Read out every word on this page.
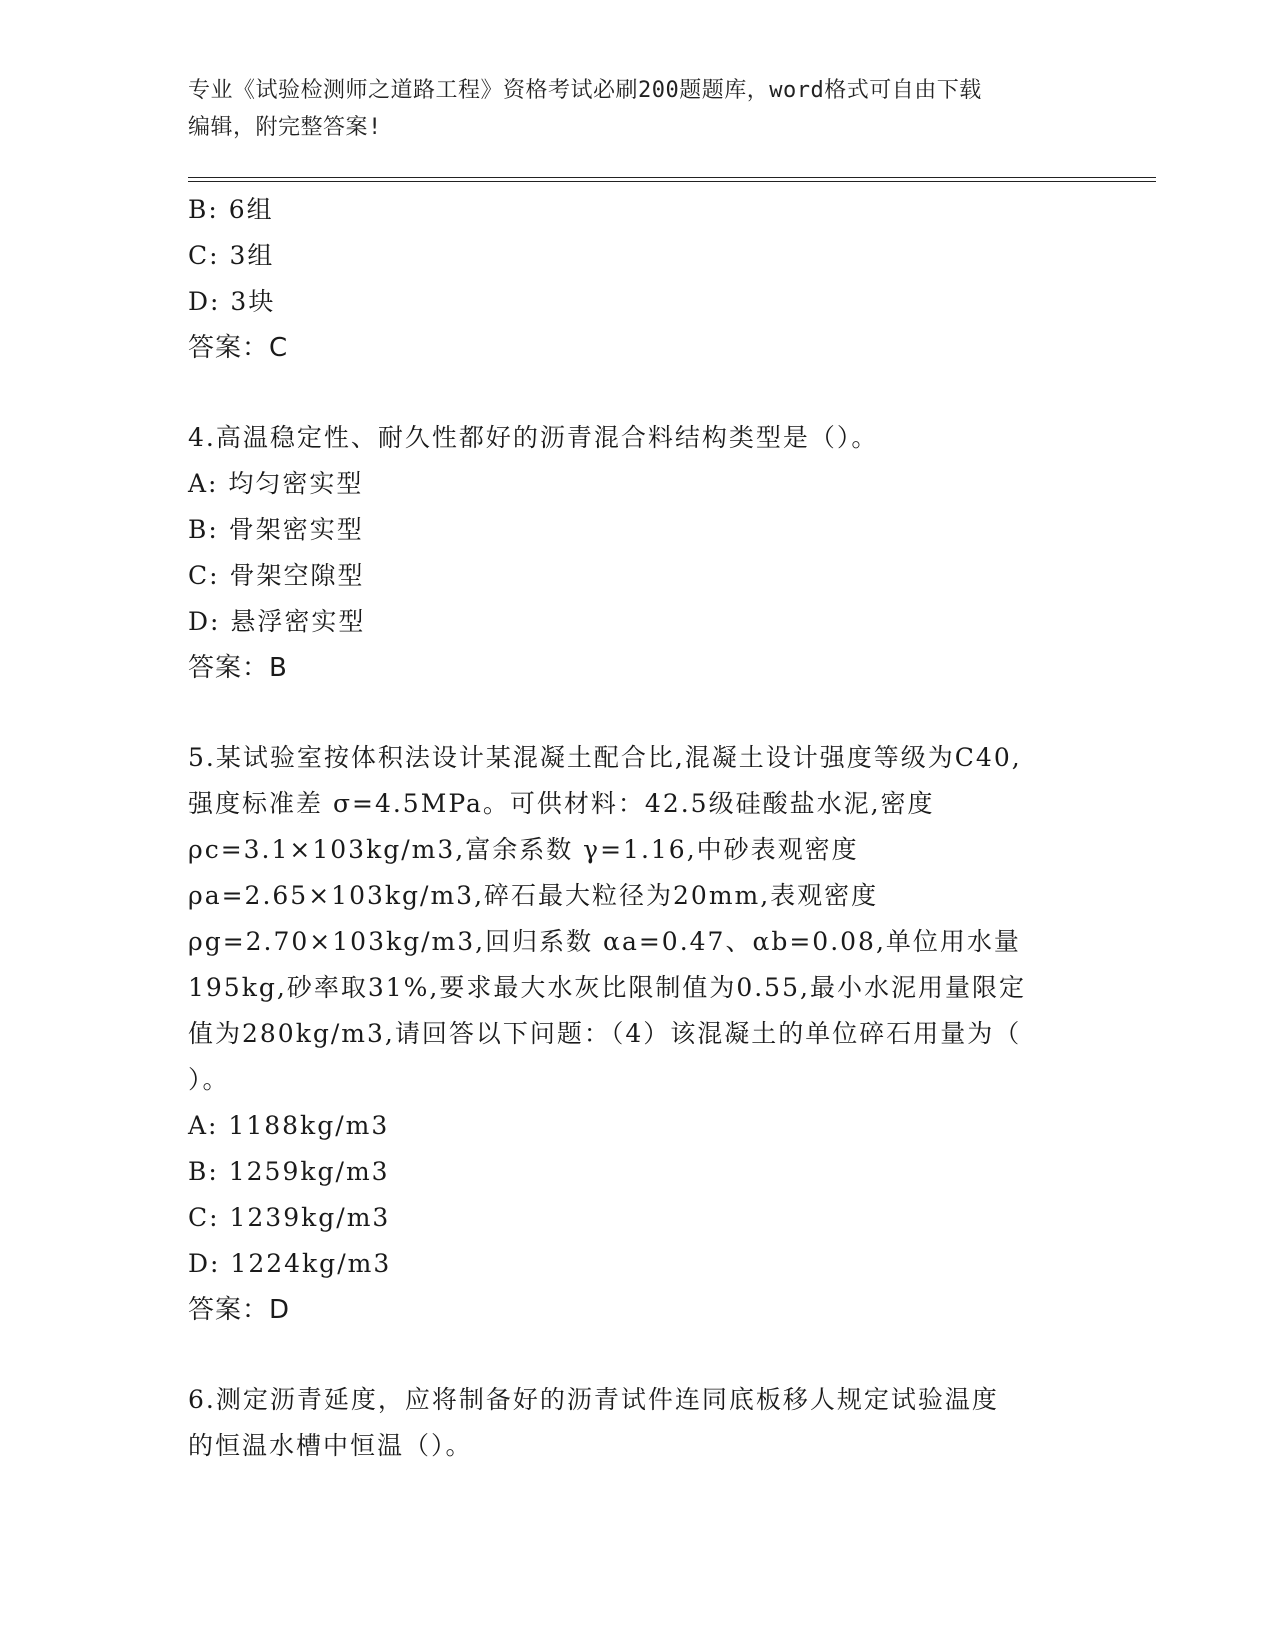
专业《试验检测师之道路工程》资格考试必刷200题题库，word格式可自由下载
编辑，附完整答案!
B: 6组
C: 3组
D: 3块
答案：C
4.高温稳定性、耐久性都好的沥青混合料结构类型是（）。
A: 均匀密实型
B: 骨架密实型
C: 骨架空隙型
D: 悬浮密实型
答案：B
5.某试验室按体积法设计某混凝土配合比,混凝土设计强度等级为C40,
强度标准差 σ=4.5MPa。可供材料：42.5级硅酸盐水泥,密度
ρc=3.1×103kg/m3,富余系数 γ=1.16,中砂表观密度
ρa=2.65×103kg/m3,碎石最大粒径为20mm,表观密度
ρg=2.70×103kg/m3,回归系数 αa=0.47、αb=0.08,单位用水量
195kg,砂率取31%,要求最大水灰比限制值为0.55,最小水泥用量限定
值为280kg/m3,请回答以下问题：（4）该混凝土的单位碎石用量为（
）。
A: 1188kg/m3
B: 1259kg/m3
C: 1239kg/m3
D: 1224kg/m3
答案：D
6.测定沥青延度，应将制备好的沥青试件连同底板移人规定试验温度
的恒温水槽中恒温（）。
